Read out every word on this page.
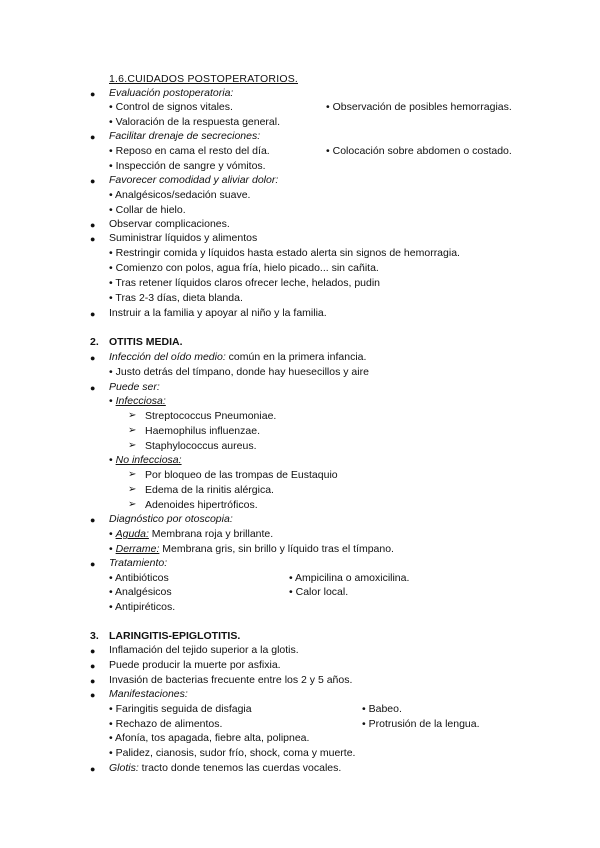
1.6.CUIDADOS POSTOPERATORIOS.
● Evaluación postoperatoria:
• Control de signos vitales.	• Observación de posibles hemorragias.
• Valoración de la respuesta general.
● Facilitar drenaje de secreciones:
• Reposo en cama el resto del día.	• Colocación sobre abdomen o costado.
• Inspección de sangre y vómitos.
● Favorecer comodidad y aliviar dolor:
• Analgésicos/sedación suave.
• Collar de hielo.
● Observar complicaciones.
● Suministrar líquidos y alimentos
• Restringir comida y líquidos hasta estado alerta sin signos de hemorragia.
• Comienzo con polos, agua fría, hielo picado... sin cañita.
• Tras retener líquidos claros ofrecer leche, helados, pudin
• Tras 2-3 días, dieta blanda.
● Instruir a la familia y apoyar al niño y la familia.
2. OTITIS MEDIA.
● Infección del oído medio: común en la primera infancia.
• Justo detrás del tímpano, donde hay huesecillos y aire
● Puede ser:
• Infecciosa:
➢ Streptococcus Pneumoniae.
➢ Haemophilus influenzae.
➢ Staphylococcus aureus.
• No infecciosa:
➢ Por bloqueo de las trompas de Eustaquio
➢ Edema de la rinitis alérgica.
➢ Adenoides hipertróficos.
● Diagnóstico por otoscopia:
• Aguda: Membrana roja y brillante.
• Derrame: Membrana gris, sin brillo y líquido tras el tímpano.
● Tratamiento:
• Antibióticos	• Ampicilina o amoxicilina.
• Analgésicos	• Calor local.
• Antipiréticos.
3. LARINGITIS-EPIGLOTITIS.
● Inflamación del tejido superior a la glotis.
● Puede producir la muerte por asfixia.
● Invasión de bacterias frecuente entre los 2 y 5 años.
● Manifestaciones:
• Faringitis seguida de disfagia	• Babeo.
• Rechazo de alimentos.	• Protrusión de la lengua.
• Afonía, tos apagada, fiebre alta, polipnea.
• Palidez, cianosis, sudor frío, shock, coma y muerte.
● Glotis: tracto donde tenemos las cuerdas vocales.
